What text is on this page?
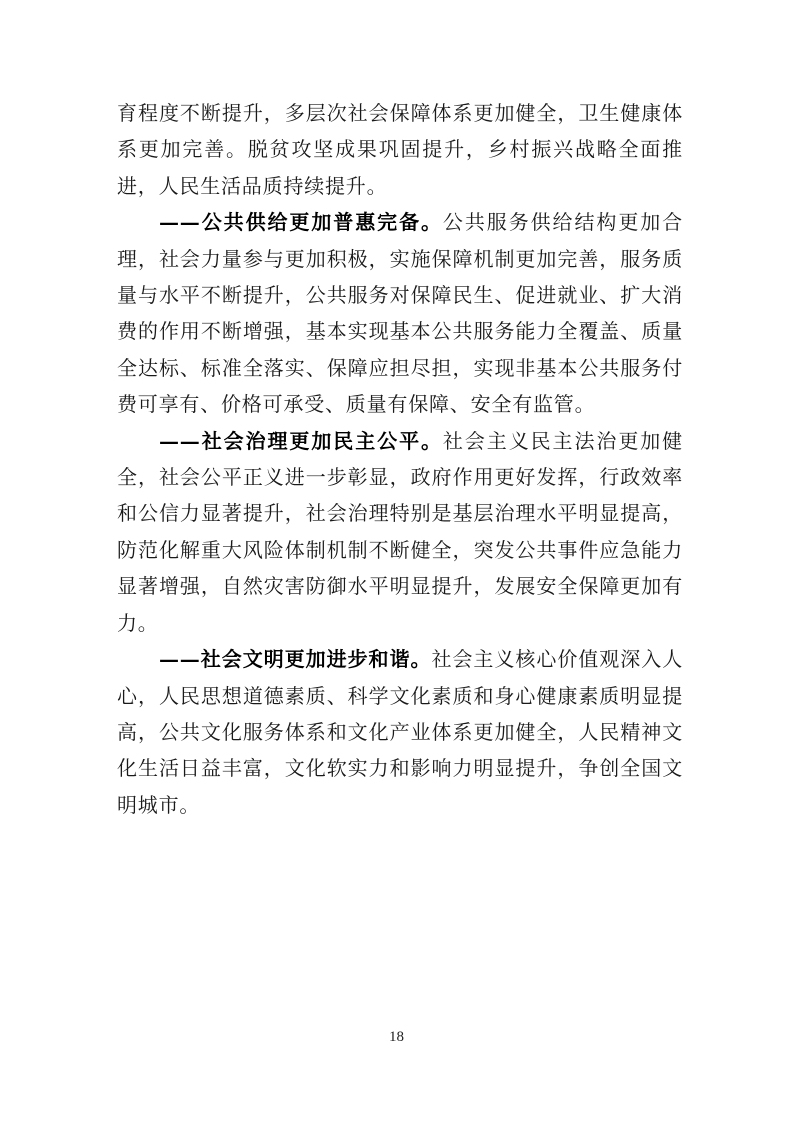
育程度不断提升，多层次社会保障体系更加健全，卫生健康体系更加完善。脱贫攻坚成果巩固提升，乡村振兴战略全面推进，人民生活品质持续提升。

——公共供给更加普惠完备。公共服务供给结构更加合理，社会力量参与更加积极，实施保障机制更加完善，服务质量与水平不断提升，公共服务对保障民生、促进就业、扩大消费的作用不断增强，基本实现基本公共服务能力全覆盖、质量全达标、标准全落实、保障应担尽担，实现非基本公共服务付费可享有、价格可承受、质量有保障、安全有监管。

——社会治理更加民主公平。社会主义民主法治更加健全，社会公平正义进一步彰显，政府作用更好发挥，行政效率和公信力显著提升，社会治理特别是基层治理水平明显提高，防范化解重大风险体制机制不断健全，突发公共事件应急能力显著增强，自然灾害防御水平明显提升，发展安全保障更加有力。

——社会文明更加进步和谐。社会主义核心价值观深入人心，人民思想道德素质、科学文化素质和身心健康素质明显提高，公共文化服务体系和文化产业体系更加健全，人民精神文化生活日益丰富，文化软实力和影响力明显提升，争创全国文明城市。

18
